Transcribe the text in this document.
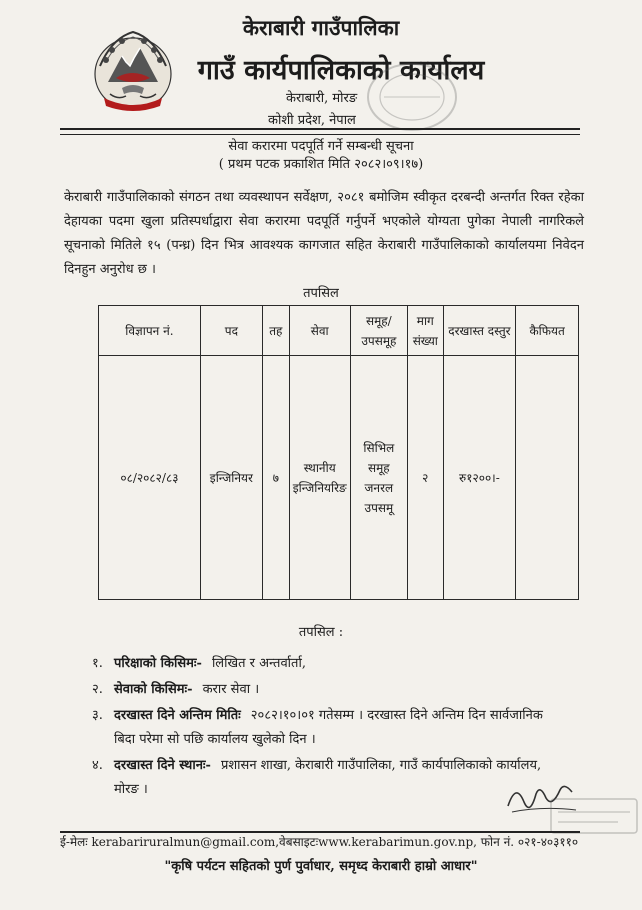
केराबारी गाउँपालिका
गाउँ कार्यपालिकाको कार्यालय
केराबारी, मोरङ
कोशी प्रदेश, नेपाल
सेवा करारमा पदपूर्ति गर्ने सम्बन्धी सूचना
( प्रथम पटक प्रकाशित मिति २०८२।०९।१७)
केराबारी गाउँपालिकाको संगठन तथा व्यवस्थापन सर्वेक्षण, २०८१ बमोजिम स्वीकृत दरबन्दी अन्तर्गत रिक्त रहेका देहायका पदमा खुला प्रतिस्पर्धाद्वारा सेवा करारमा पदपूर्ति गर्नुपर्ने भएकोले योग्यता पुगेका नेपाली नागरिकले सूचनाको मितिले १५ (पन्ध्र) दिन भित्र आवश्यक कागजात सहित केराबारी गाउँपालिकाको कार्यालयमा निवेदन दिनहुन अनुरोध छ ।
तपसिल
विज्ञापन नं.	पद	तह	सेवा	समूह/ उपसमूह	माग संख्या	दरखास्त दस्तुर	कैफियत
०८/२०८२/८३	इन्जिनियर	७	स्थानीय इन्जिनियरिङ	सिभिल समूह जनरल उपसमू	२	रु१२००।-	
तपसिल :
१. परिक्षाको किसिमः- लिखित र अन्तर्वार्ता,
२. सेवाको किसिमः- करार सेवा ।
३. दरखास्त दिने अन्तिम मितिः २०८२।१०।०१ गतेसम्म । दरखास्त दिने अन्तिम दिन सार्वजानिक
बिदा परेमा सो पछि कार्यालय खुलेको दिन ।
४. दरखास्त दिने स्थानः- प्रशासन शाखा, केराबारी गाउँपालिका, गाउँ कार्यपालिकाको कार्यालय,
मोरङ ।
ई-मेलः kerabariruralmun@gmail.com,वेबसाइटःwww.kerabarimun.gov.np, फोन नं. ०२१-४०३११०
"कृषि पर्यटन सहितको पुर्ण पुर्वाधार, समृध्द केराबारी हाम्रो आधार"
